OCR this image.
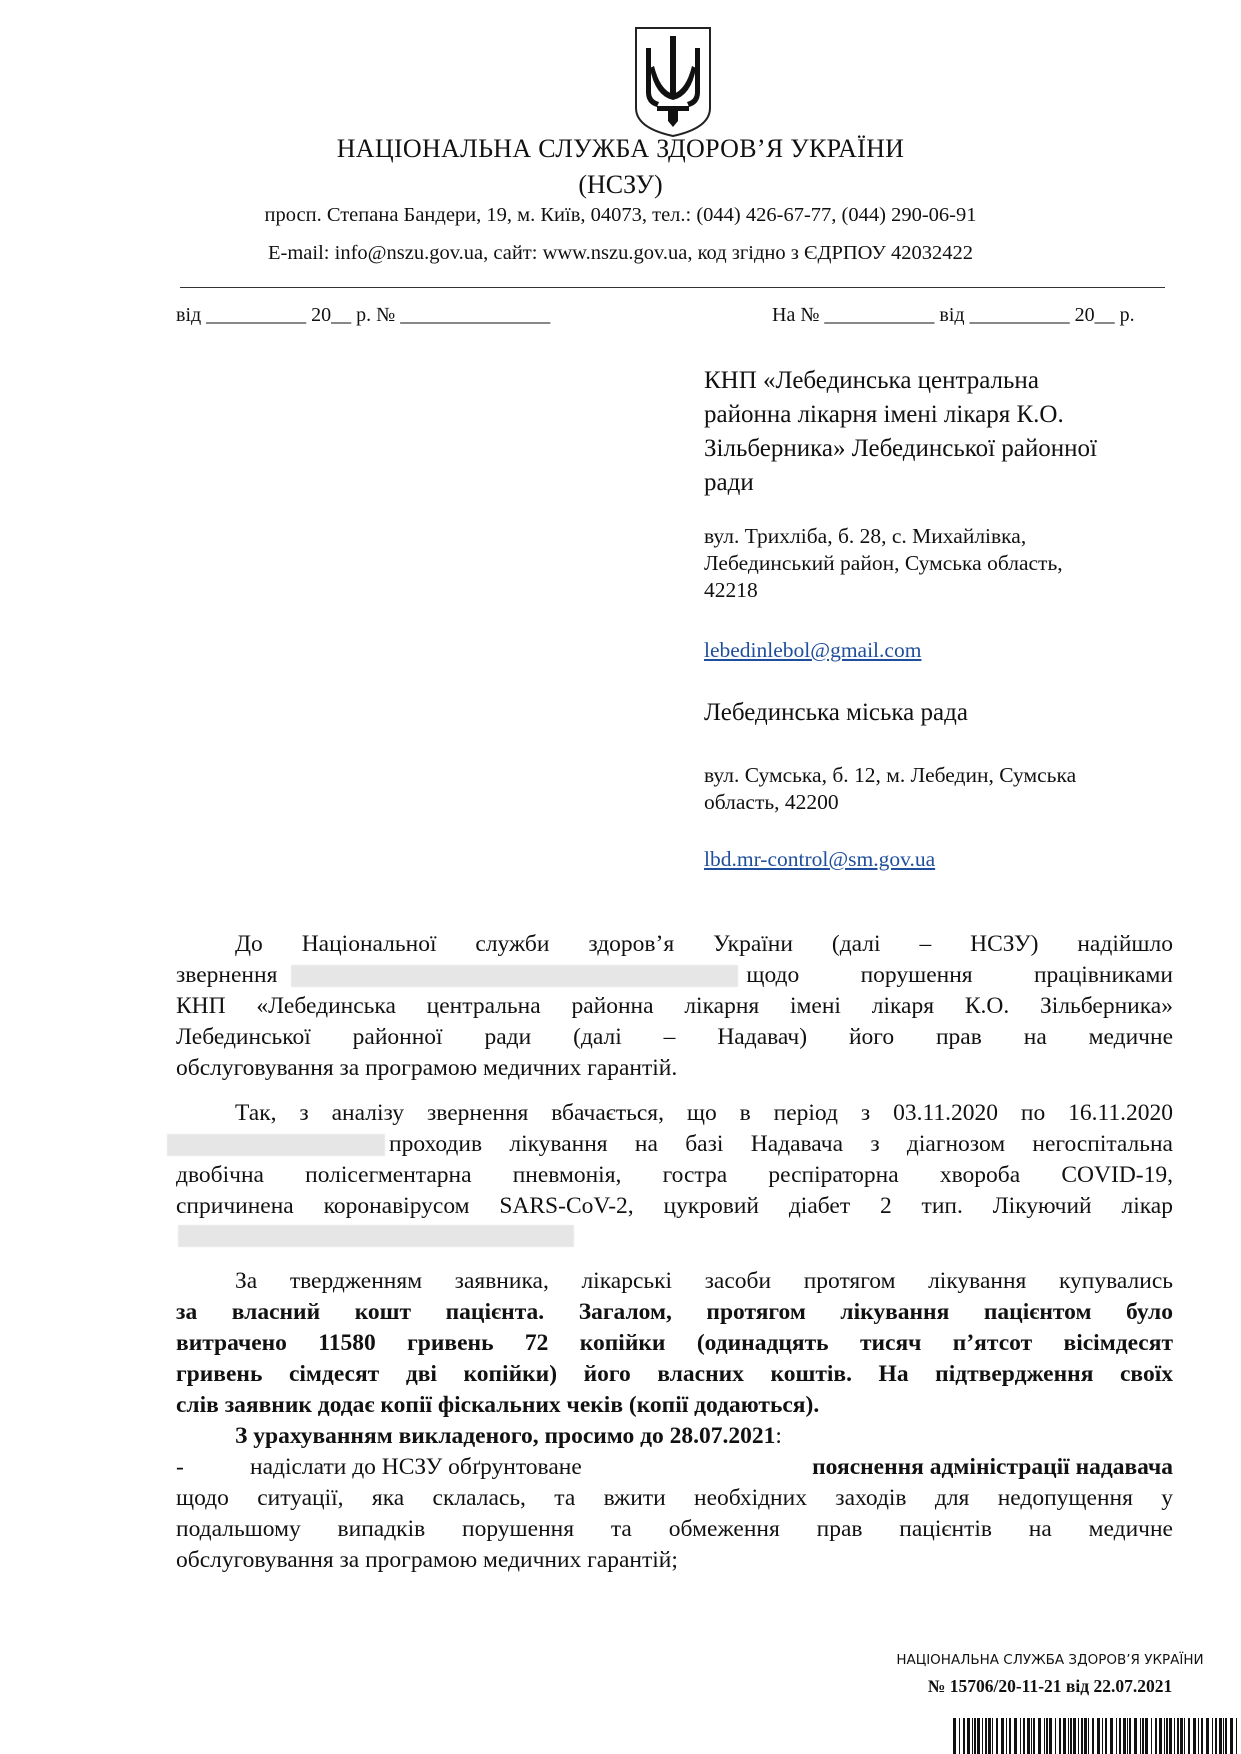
НАЦІОНАЛЬНА СЛУЖБА ЗДОРОВ’Я УКРАЇНИ
(НСЗУ)
просп. Степана Бандери, 19, м. Київ, 04073, тел.: (044) 426-67-77, (044) 290-06-91
E-mail: info@nszu.gov.ua, сайт: www.nszu.gov.ua, код згідно з ЄДРПОУ 42032422
від __________ 20__ р. № _______________	На № ___________ від __________ 20__ р.
КНП «Лебединська центральна
районна лікарня імені лікаря К.О.
Зільберника» Лебединської районної
ради
вул. Трихліба, б. 28, с. Михайлівка,
Лебединський район, Сумська область,
42218
lebedinlebol@gmail.com
Лебединська міська рада
вул. Сумська, б. 12, м. Лебедин, Сумська
область, 42200
lbd.mr-control@sm.gov.ua
До Національної служби здоров’я України (далі – НСЗУ) надійшло
звернення	щодо порушення працівниками
КНП «Лебединська центральна районна лікарня імені лікаря К.О. Зільберника»
Лебединської районної ради (далі – Надавач) його прав на медичне
обслуговування за програмою медичних гарантій.
Так, з аналізу звернення вбачається, що в період з 03.11.2020 по 16.11.2020
проходив лікування на базі Надавача з діагнозом негоспітальна
двобічна полісегментарна пневмонія, гостра респіраторна хвороба COVID-19,
спричинена коронавірусом SARS-CoV-2, цукровий діабет 2 тип. Лікуючий лікар
За твердженням заявника, лікарські засоби протягом лікування купувались
за власний кошт пацієнта. Загалом, протягом лікування пацієнтом було
витрачено 11580 гривень 72 копійки (одинадцять тисяч п’ятсот вісімдесят
гривень сімдесят дві копійки) його власних коштів. На підтвердження своїх
слів заявник додає копії фіскальних чеків (копії додаються).
З урахуванням викладеного, просимо до 28.07.2021:
-	надіслати до НСЗУ обґрунтоване	пояснення адміністрації надавача
щодо ситуації, яка склалась, та вжити необхідних заходів для недопущення у
подальшому випадків порушення та обмеження прав пацієнтів на медичне
обслуговування за програмою медичних гарантій;
НАЦІОНАЛЬНА СЛУЖБА ЗДОРОВ’Я УКРАЇНИ
№ 15706/20-11-21 від 22.07.2021
